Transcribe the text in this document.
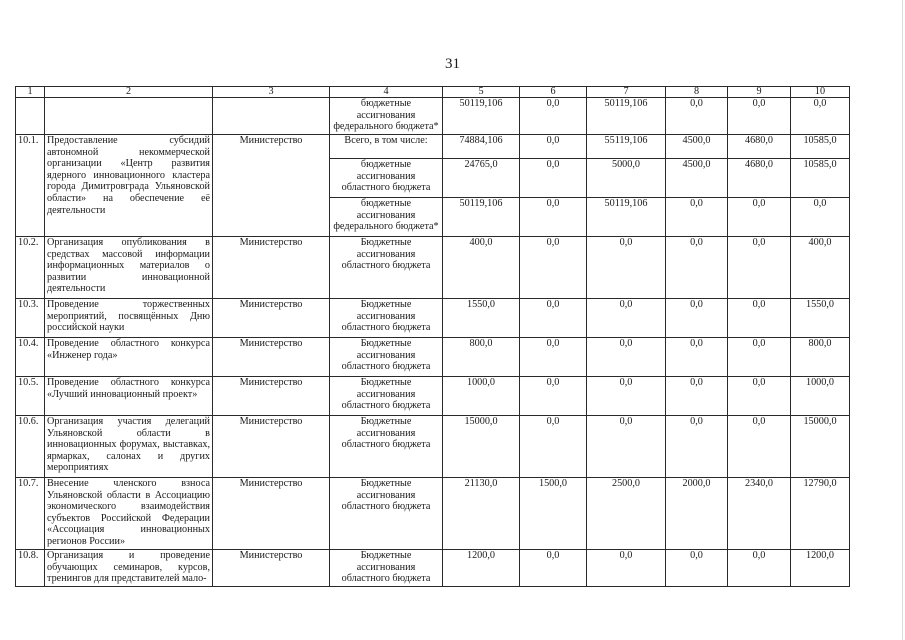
31
1	2	3	4	5	6	7	8	9	10
			бюджетные ассигнования федерального бюджета*	50119,106	0,0	50119,106	0,0	0,0	0,0
10.1.	Предоставление субсидий автономной некоммерческой организации «Центр развития ядерного инновационного кластера города Димитровграда Ульяновской области» на обеспечение её деятельности	Министерство	Всего, в том числе:	74884,106	0,0	55119,106	4500,0	4680,0	10585,0
			бюджетные ассигнования областного бюджета	24765,0	0,0	5000,0	4500,0	4680,0	10585,0
			бюджетные ассигнования федерального бюджета*	50119,106	0,0	50119,106	0,0	0,0	0,0
10.2.	Организация опубликования в средствах массовой информации информационных материалов о развитии инновационной деятельности	Министерство	Бюджетные ассигнования областного бюджета	400,0	0,0	0,0	0,0	0,0	400,0
10.3.	Проведение торжественных мероприятий, посвящённых Дню российской науки	Министерство	Бюджетные ассигнования областного бюджета	1550,0	0,0	0,0	0,0	0,0	1550,0
10.4.	Проведение областного конкурса «Инженер года»	Министерство	Бюджетные ассигнования областного бюджета	800,0	0,0	0,0	0,0	0,0	800,0
10.5.	Проведение областного конкурса «Лучший инновационный проект»	Министерство	Бюджетные ассигнования областного бюджета	1000,0	0,0	0,0	0,0	0,0	1000,0
10.6.	Организация участия делегаций Ульяновской области в инновационных форумах, выставках, ярмарках, салонах и других мероприятиях	Министерство	Бюджетные ассигнования областного бюджета	15000,0	0,0	0,0	0,0	0,0	15000,0
10.7.	Внесение членского взноса Ульяновской области в Ассоциацию экономического взаимодействия субъектов Российской Федерации «Ассоциация инновационных регионов России»	Министерство	Бюджетные ассигнования областного бюджета	21130,0	1500,0	2500,0	2000,0	2340,0	12790,0
10.8.	Организация и проведение обучающих семинаров, курсов, тренингов для представителей мало-	Министерство	Бюджетные ассигнования областного бюджета	1200,0	0,0	0,0	0,0	0,0	1200,0
